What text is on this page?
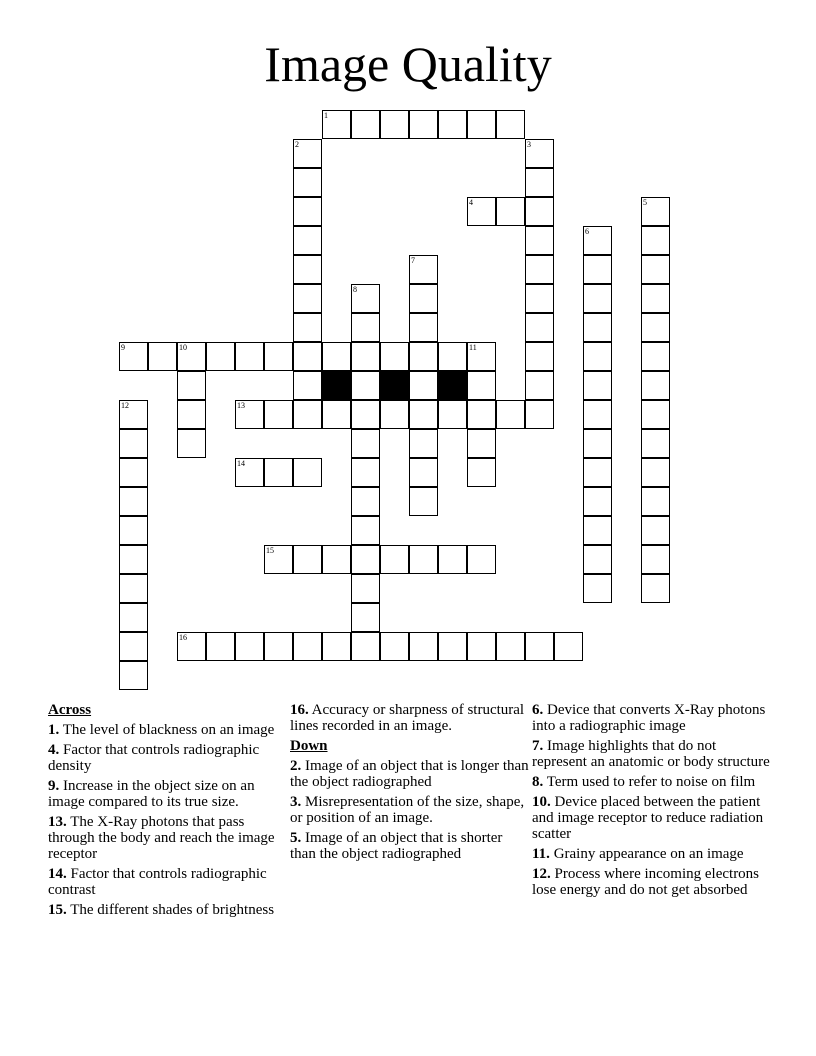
Image Quality
1
2	3
4	5
6
7
8
9	10	11
12	13
14
15
16
Across
1. The level of blackness on an image
4. Factor that controls radiographic density
9. Increase in the object size on an image compared to its true size.
13. The X-Ray photons that pass through the body and reach the image receptor
14. Factor that controls radiographic contrast
15. The different shades of brightness
16. Accuracy or sharpness of structural lines recorded in an image.
Down
2. Image of an object that is longer than the object radiographed
3. Misrepresentation of the size, shape, or position of an image.
5. Image of an object that is shorter than the object radiographed
6. Device that converts X-Ray photons into a radiographic image
7. Image highlights that do not represent an anatomic or body structure
8. Term used to refer to noise on film
10. Device placed between the patient and image receptor to reduce radiation scatter
11. Grainy appearance on an image
12. Process where incoming electrons lose energy and do not get absorbed
